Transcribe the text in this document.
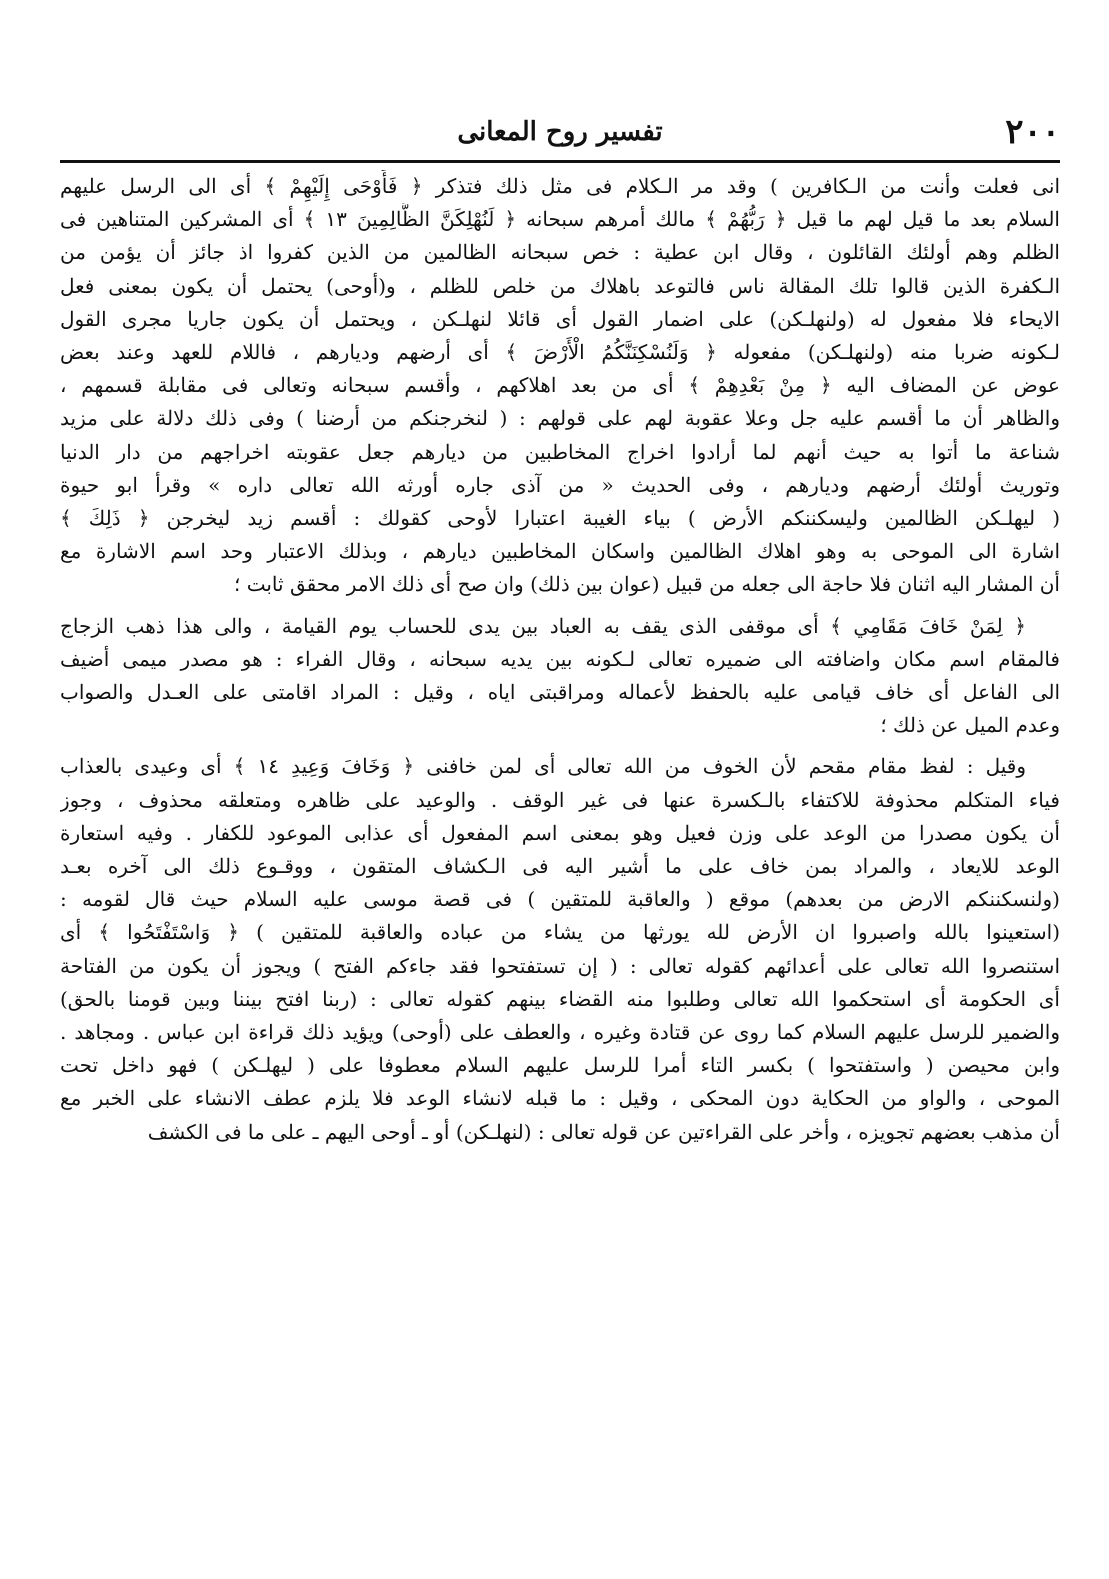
٢٠٠
تفسير روح المعانى

انى فعلت وأنت من الـكافرين ) وقد مر الـكلام فى مثل ذلك فتذكر ﴿ فَأَوْحَى إِلَيْهِمْ ﴾ أى الى الرسل عليهم

السلام بعد ما قيل لهم ما قيل ﴿ رَبُّهُمْ ﴾ مالك أمرهم سبحانه ﴿ لَنُهْلِكَنَّ الظَّالِمِينَ ١٣ ﴾ أى المشركين المتناهين فى

الظلم وهم أولئك القائلون ، وقال ابن عطية : خص سبحانه الظالمين من الذين كفروا اذ جائز أن يؤمن من

الـكفرة الذين قالوا تلك المقالة ناس فالتوعد باهلاك من خلص للظلم ، و(أوحى) يحتمل أن يكون بمعنى فعل

الايحاء فلا مفعول له (ولنهلـكن) على اضمار القول أى قائلا لنهلـكن ، ويحتمل أن يكون جاريا مجرى القول

لـكونه ضربا منه (ولنهلـكن) مفعوله ﴿ وَلَنُسْكِنَنَّكُمُ الْأَرْضَ ﴾ أى أرضهم وديارهم ، فاللام للعهد وعند بعض

عوض عن المضاف اليه ﴿ مِنْ بَعْدِهِمْ ﴾ أى من بعد اهلاكهم ، وأقسم سبحانه وتعالى فى مقابلة قسمهم ،

والظاهر أن ما أقسم عليه جل وعلا عقوبة لهم على قولهم : ( لنخرجنكم من أرضنا ) وفى ذلك دلالة على مزيد

شناعة ما أتوا به حيث أنهم لما أرادوا اخراج المخاطبين من ديارهم جعل عقوبته اخراجهم من دار الدنيا

وتوريث أولئك أرضهم وديارهم ، وفى الحديث « من آذى جاره أورثه الله تعالى داره » وقرأ ابو حيوة

( ليهلـكن الظالمين وليسكننكم الأرض ) بياء الغيبة اعتبارا لأوحى كقولك : أقسم زيد ليخرجن ﴿ ذَلِكَ ﴾

اشارة الى الموحى به وهو اهلاك الظالمين واسكان المخاطبين ديارهم ، وبذلك الاعتبار وحد اسم الاشارة مع

أن المشار اليه اثنان فلا حاجة الى جعله من قبيل (عوان بين ذلك) وان صح أى ذلك الامر محقق ثابت ؛

﴿ لِمَنْ خَافَ مَقَامِي ﴾ أى موقفى الذى يقف به العباد بين يدى للحساب يوم القيامة ، والى هذا ذهب الزجاج

فالمقام اسم مكان واضافته الى ضميره تعالى لـكونه بين يديه سبحانه ، وقال الفراء : هو مصدر ميمى أضيف

الى الفاعل أى خاف قيامى عليه بالحفظ لأعماله ومراقبتى اياه ، وقيل : المراد اقامتى على العـدل والصواب

وعدم الميل عن ذلك ؛

وقيل : لفظ مقام مقحم لأن الخوف من الله تعالى أى لمن خافنى ﴿ وَخَافَ وَعِيدِ ١٤ ﴾ أى وعيدى بالعذاب

فياء المتكلم محذوفة للاكتفاء بالـكسرة عنها فى غير الوقف . والوعيد على ظاهره ومتعلقه محذوف ، وجوز

أن يكون مصدرا من الوعد على وزن فعيل وهو بمعنى اسم المفعول أى عذابى الموعود للكفار . وفيه استعارة

الوعد للايعاد ، والمراد بمن خاف على ما أشير اليه فى الـكشاف المتقون ، ووقـوع ذلك الى آخره بعـد

(ولنسكننكم الارض من بعدهم) موقع ( والعاقبة للمتقين ) فى قصة موسى عليه السلام حيث قال لقومه :

(استعينوا بالله واصبروا ان الأرض لله يورثها من يشاء من عباده والعاقبة للمتقين ) ﴿ وَاسْتَفْتَحُوا ﴾ أى

استنصروا الله تعالى على أعدائهم كقوله تعالى : ( إن تستفتحوا فقد جاءكم الفتح ) ويجوز أن يكون من الفتاحة

أى الحكومة أى استحكموا الله تعالى وطلبوا منه القضاء بينهم كقوله تعالى : (ربنا افتح بيننا وبين قومنا بالحق)

والضمير للرسل عليهم السلام كما روى عن قتادة وغيره ، والعطف على (أوحى) ويؤيد ذلك قراءة ابن عباس . ومجاهد .

وابن محيصن ( واستفتحوا ) بكسر التاء أمرا للرسل عليهم السلام معطوفا على ( ليهلـكن ) فهو داخل تحت

الموحى ، والواو من الحكاية دون المحكى ، وقيل : ما قبله لانشاء الوعد فلا يلزم عطف الانشاء على الخبر مع

أن مذهب بعضهم تجويزه ، وأخر على القراءتين عن قوله تعالى : (لنهلـكن) أو ـ أوحى اليهم ـ على ما فى الكشف
